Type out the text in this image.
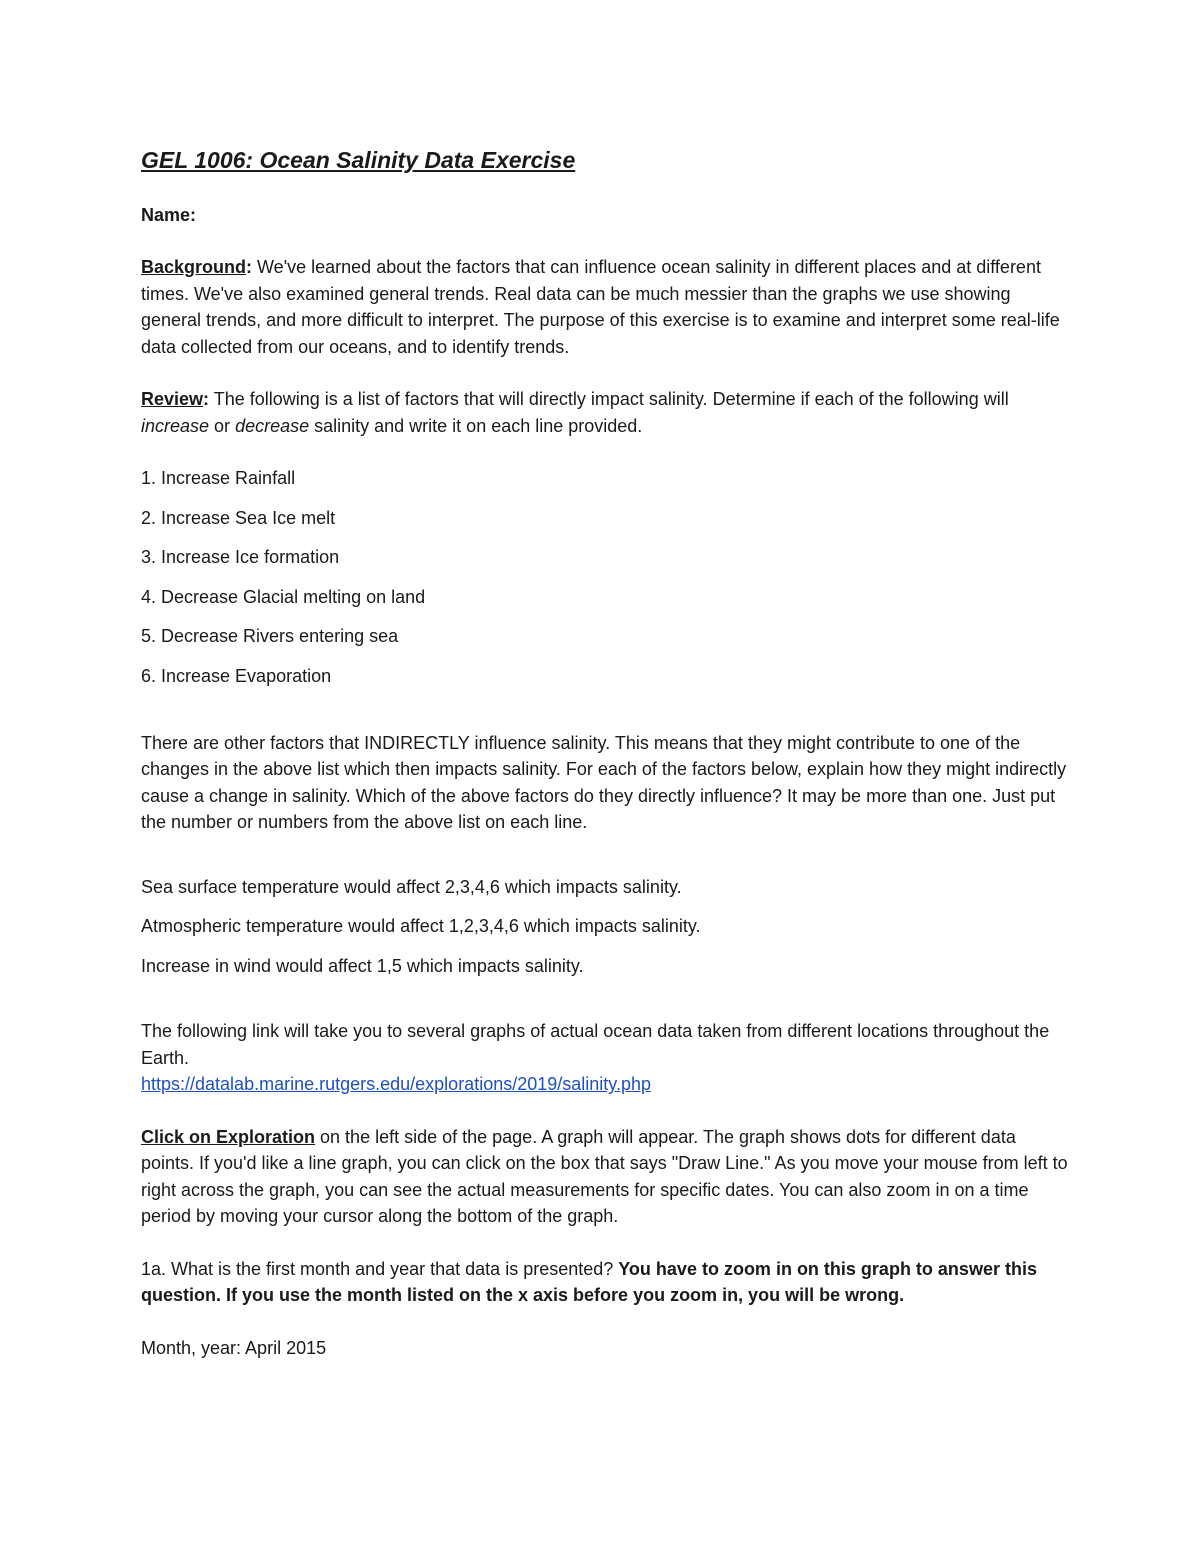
GEL 1006: Ocean Salinity Data Exercise
Name:

Background: We've learned about the factors that can influence ocean salinity in different places and at different times. We've also examined general trends. Real data can be much messier than the graphs we use showing general trends, and more difficult to interpret. The purpose of this exercise is to examine and interpret some real-life data collected from our oceans, and to identify trends.

Review: The following is a list of factors that will directly impact salinity. Determine if each of the following will increase or decrease salinity and write it on each line provided.

1. Increase Rainfall
2. Increase Sea Ice melt
3. Increase Ice formation
4. Decrease Glacial melting on land
5. Decrease Rivers entering sea
6. Increase Evaporation

There are other factors that INDIRECTLY influence salinity. This means that they might contribute to one of the changes in the above list which then impacts salinity. For each of the factors below, explain how they might indirectly cause a change in salinity. Which of the above factors do they directly influence? It may be more than one. Just put the number or numbers from the above list on each line.

Sea surface temperature would affect 2,3,4,6 which impacts salinity.
Atmospheric temperature would affect 1,2,3,4,6 which impacts salinity.
Increase in wind would affect 1,5 which impacts salinity.

The following link will take you to several graphs of actual ocean data taken from different locations throughout the Earth.
https://datalab.marine.rutgers.edu/explorations/2019/salinity.php

Click on Exploration on the left side of the page. A graph will appear. The graph shows dots for different data points. If you'd like a line graph, you can click on the box that says "Draw Line." As you move your mouse from left to right across the graph, you can see the actual measurements for specific dates. You can also zoom in on a time period by moving your cursor along the bottom of the graph.

1a. What is the first month and year that data is presented? You have to zoom in on this graph to answer this question. If you use the month listed on the x axis before you zoom in, you will be wrong.

Month, year: April 2015
